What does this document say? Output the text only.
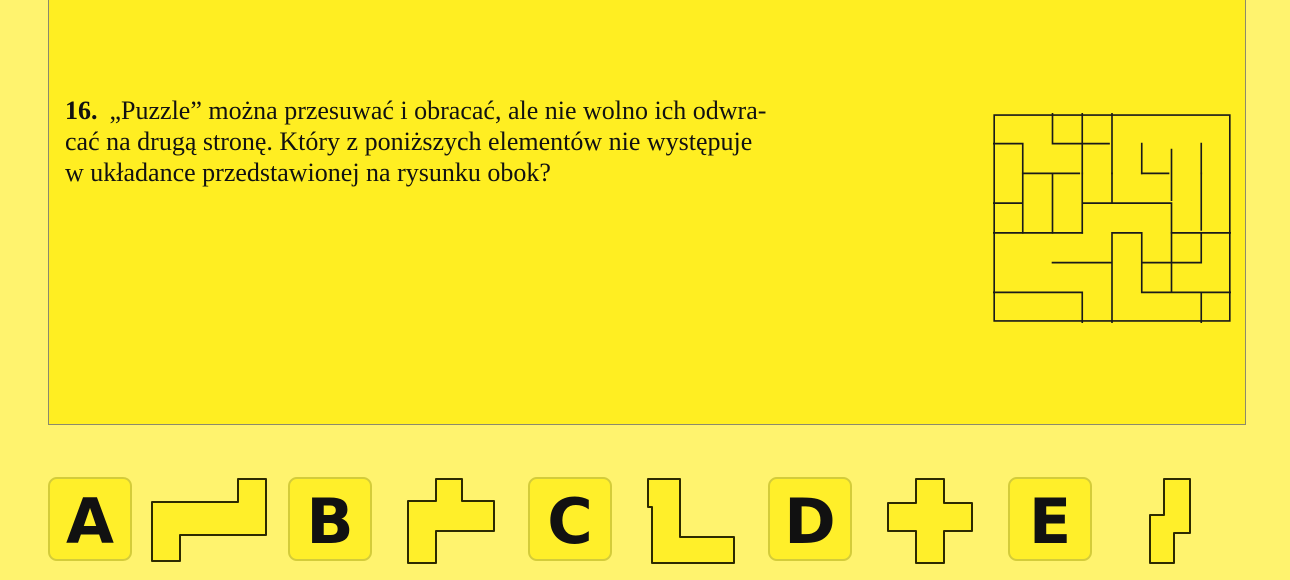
16. „Puzzle” można przesuwać i obracać, ale nie wolno ich odwra-
cać na drugą stronę. Który z poniższych elementów nie występuje
w układance przedstawionej na rysunku obok?
A	B	C	D	E
